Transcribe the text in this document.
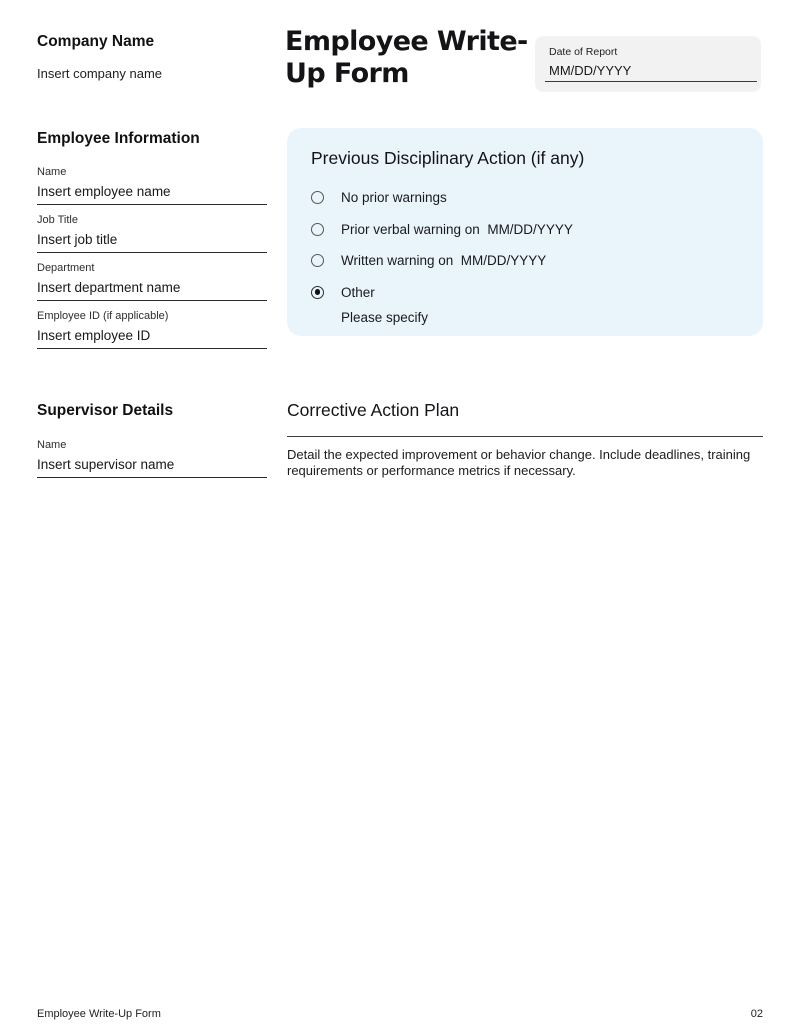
Company Name
Insert company name
Employee Write-Up Form
Date of Report
MM/DD/YYYY
Employee Information
Name
Insert employee name
Job Title
Insert job title
Department
Insert department name
Employee ID (if applicable)
Insert employee ID
Previous Disciplinary Action (if any)
No prior warnings
Prior verbal warning on  MM/DD/YYYY
Written warning on  MM/DD/YYYY
Other
Please specify
Supervisor Details
Name
Insert supervisor name
Corrective Action Plan
Detail the expected improvement or behavior change. Include deadlines, training requirements or performance metrics if necessary.
Employee Write-Up Form	02
